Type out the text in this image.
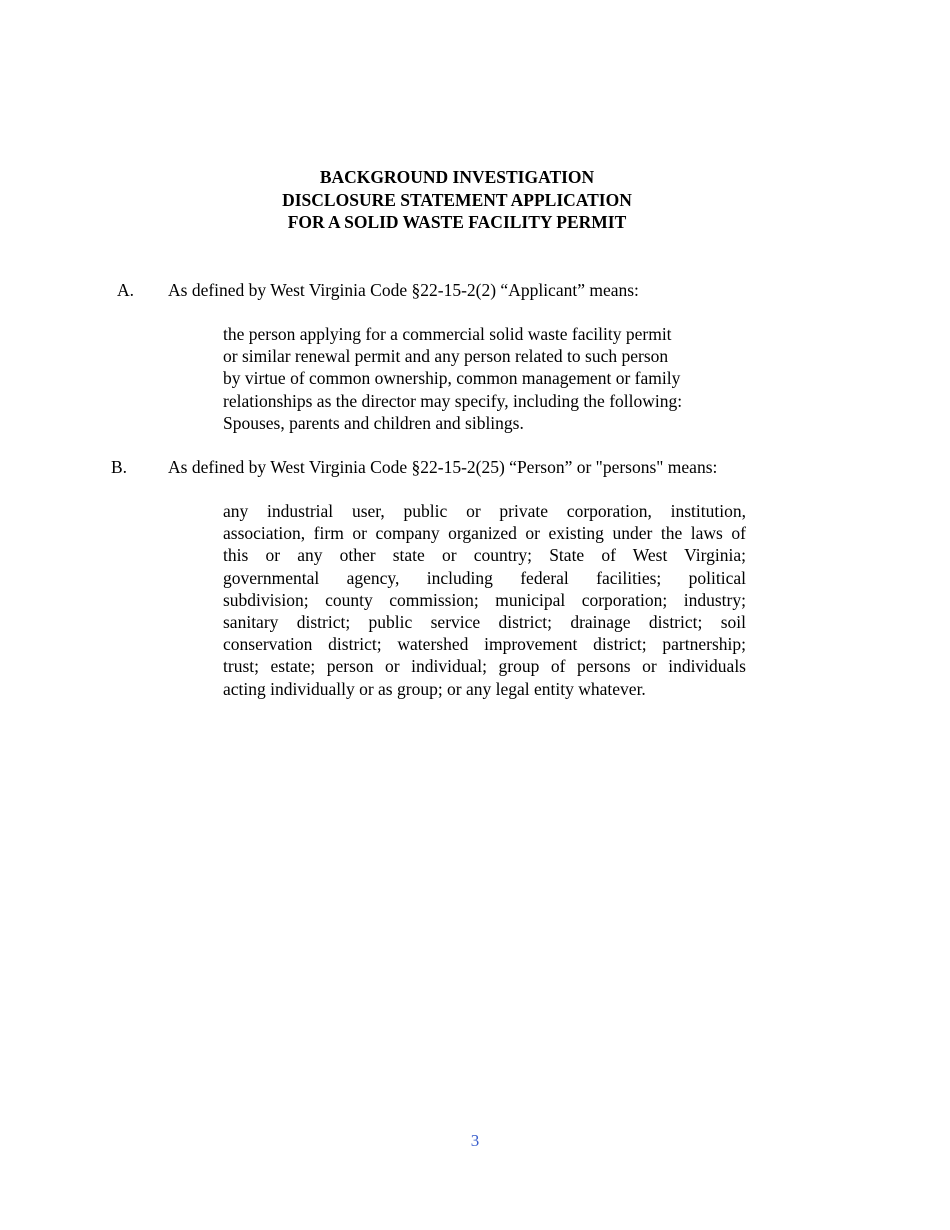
BACKGROUND INVESTIGATION
DISCLOSURE STATEMENT APPLICATION
FOR A SOLID WASTE FACILITY PERMIT
A. As defined by West Virginia Code §22-15-2(2) “Applicant” means:
the person applying for a commercial solid waste facility permit
or similar renewal permit and any person related to such person
by virtue of common ownership, common management or family
relationships as the director may specify, including the following:
Spouses, parents and children and siblings.
B. As defined by West Virginia Code §22-15-2(25) “Person” or "persons" means:
any industrial user, public or private corporation, institution,
association, firm or company organized or existing under the laws of
this or any other state or country; State of West Virginia;
governmental agency, including federal facilities; political
subdivision; county commission; municipal corporation; industry;
sanitary district; public service district; drainage district; soil
conservation district; watershed improvement district; partnership;
trust; estate; person or individual; group of persons or individuals
acting individually or as group; or any legal entity whatever.
3
